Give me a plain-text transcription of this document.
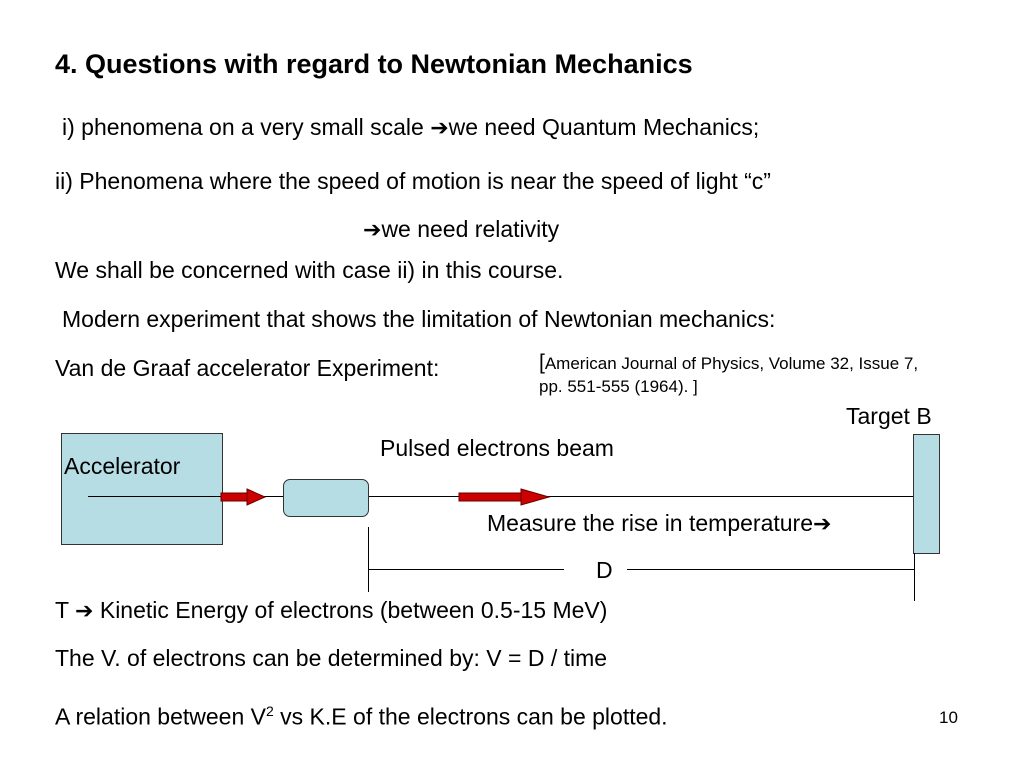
4. Questions with regard to Newtonian Mechanics
i) phenomena on a very small scale ➔we need Quantum Mechanics;
ii) Phenomena where the speed of motion is near the speed of light “c”
➔we need relativity
We shall be concerned with case ii) in this course.
Modern experiment that shows the limitation of Newtonian mechanics:
Van de Graaf accelerator Experiment:	[American Journal of Physics, Volume 32, Issue 7, pp. 551-555 (1964). ]
Target B
Pulsed electrons beam
Accelerator
Measure the rise in temperature➔
D
T ➔ Kinetic Energy of electrons (between 0.5-15 MeV)
The V. of electrons can be determined by: V = D / time
A relation between $V^2$ vs K.E of the electrons can be plotted.	10
